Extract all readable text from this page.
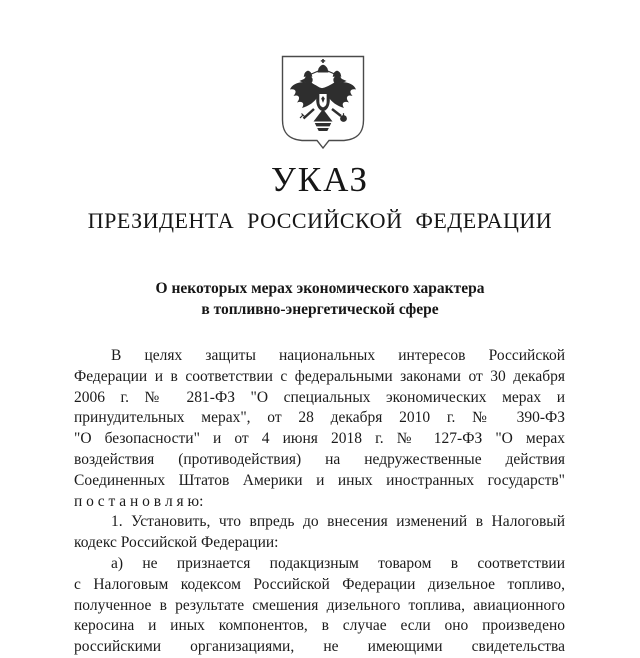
УКАЗ
ПРЕЗИДЕНТА РОССИЙСКОЙ ФЕДЕРАЦИИ
О некоторых мерах экономического характера
в топливно-энергетической сфере
В целях защиты национальных интересов Российской
Федерации и в соответствии с федеральными законами от 30 декабря
2006 г. № 281-ФЗ "О специальных экономических мерах и
принудительных мерах", от 28 декабря 2010 г. № 390-ФЗ
"О безопасности" и от 4 июня 2018 г. № 127-ФЗ "О мерах
воздействия (противодействия) на недружественные действия
Соединенных Штатов Америки и иных иностранных государств"
п о с т а н о в л я ю:
1. Установить, что впредь до внесения изменений в Налоговый
кодекс Российской Федерации:
а) не признается подакцизным товаром в соответствии
с Налоговым кодексом Российской Федерации дизельное топливо,
полученное в результате смешения дизельного топлива, авиационного
керосина и иных компонентов, в случае если оно произведено
российскими организациями, не имеющими свидетельства
